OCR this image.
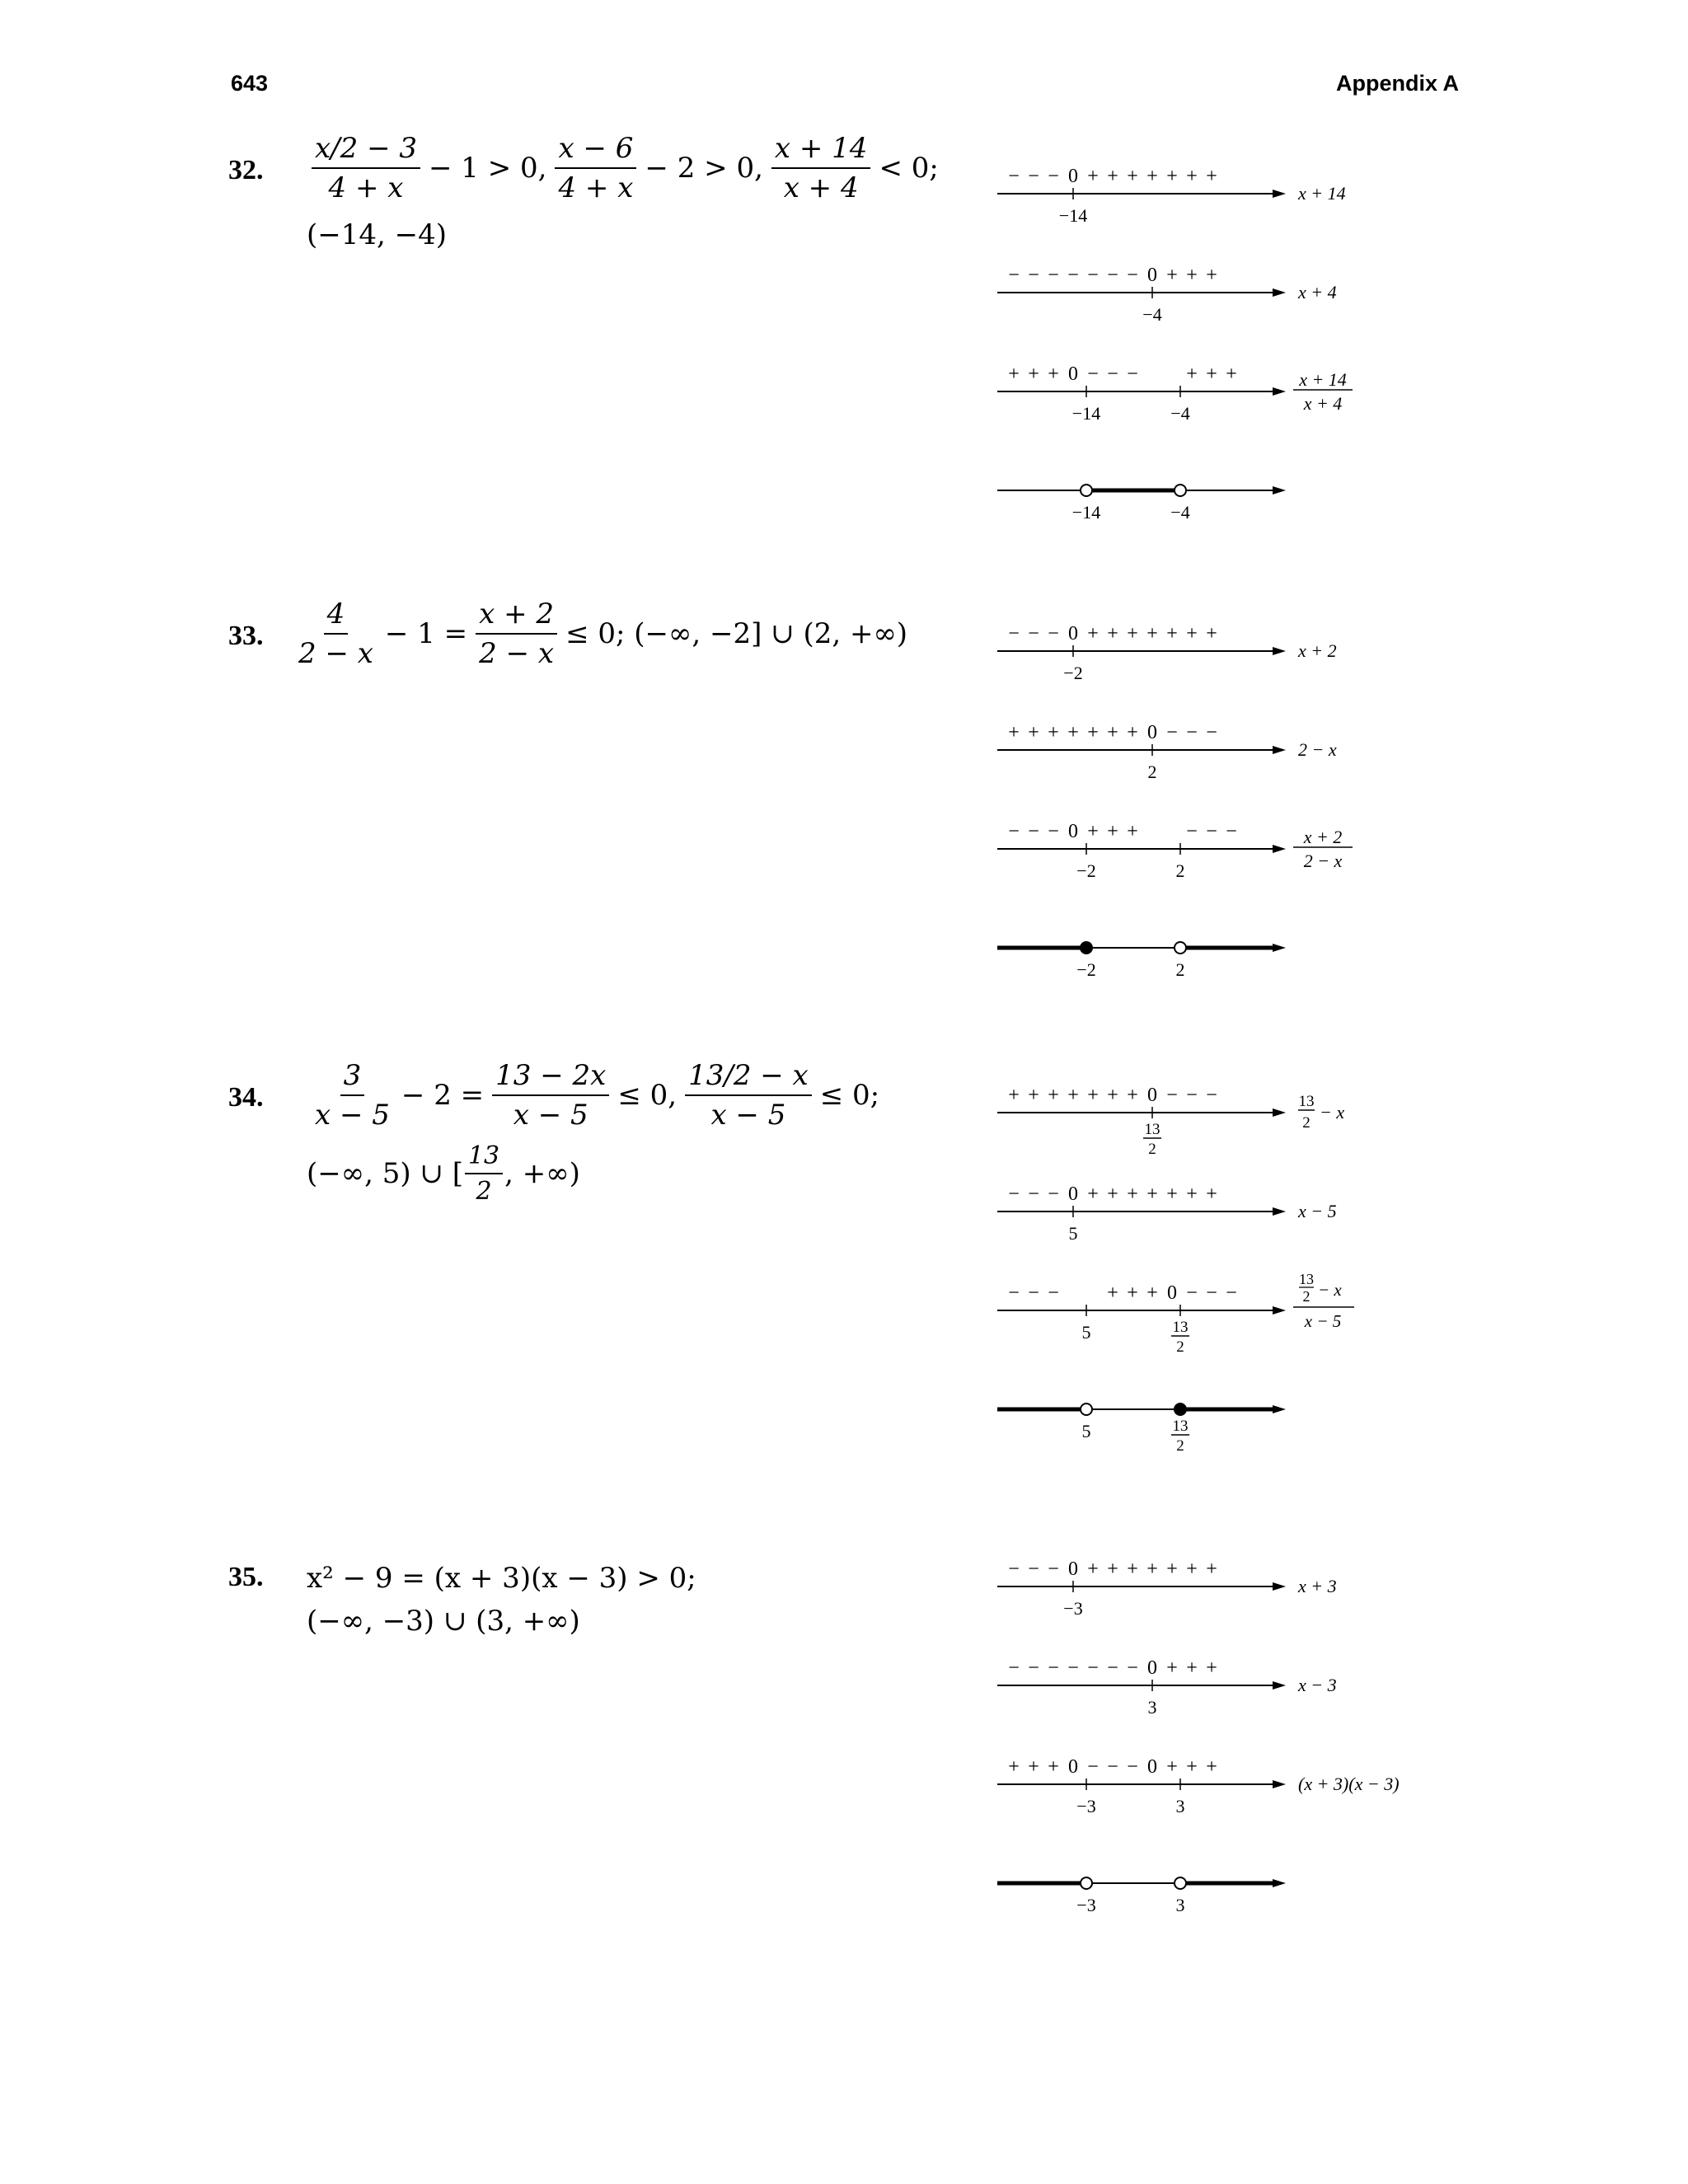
643	Appendix A
32. $\frac{x/2 - 3}{4 + x} - 1 > 0$, $\frac{x - 6}{4 + x} - 2 > 0$, $\frac{x + 14}{x + 4} < 0$;
(−14, −4)
33. $\frac{4}{2 - x} - 1 = \frac{x + 2}{2 - x} \le 0$; (−∞, −2] ∪ (2, +∞)
34. $\frac{3}{x - 5} - 2 = \frac{13 - 2x}{x - 5} \le 0$, $\frac{13/2 - x}{x - 5} \le 0$;
(−∞, 5) ∪ [ $\frac{13}{2}$ , +∞)
35. x² − 9 = (x + 3)(x − 3) > 0;
(−∞, −3) ∪ (3, +∞)
− − − 0 + + + + + + +
−14
x + 14
− − − − − − − 0 + + +
−4
x + 4
+ + + 0 − − − + + +
−14	−4
x + 14
x + 4
−14	−4
− − − 0 + + + + + + +
−2
x + 2
+ + + + + + + 0 − − −
2
2 − x
− − − 0 + + + − − −
−2	2
x + 2
2 − x
−2	2
+ + + + + + + 0 − − −
13
2
13
2
− x
− − − 0 + + + + + + +
5
x − 5
− − − + + + 0 − − −
5	13
2
13
2 − x
x − 5
5	13
2
− − − 0 + + + + + + +
−3
x + 3
− − − − − − − 0 + + +
3
x − 3
+ + + 0 − − − 0 + + +
−3	3
(x + 3)(x − 3)
−3	3
